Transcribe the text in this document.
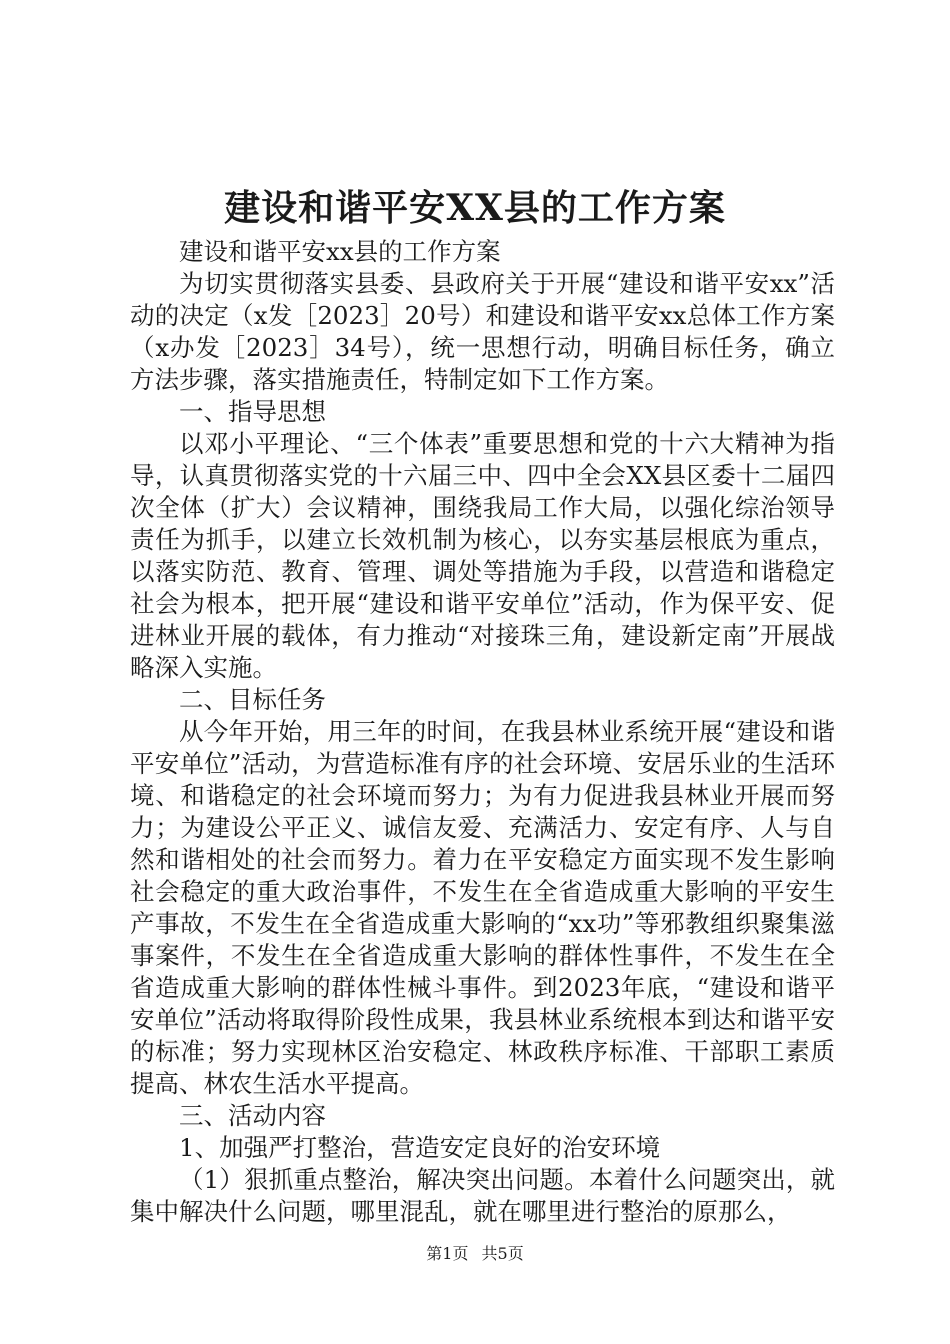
建设和谐平安XX县的工作方案

建设和谐平安xx县的工作方案

为切实贯彻落实县委、县政府关于开展“建设和谐平安xx”活动的决定（x发［2023］20号）和建设和谐平安xx总体工作方案（x办发［2023］34号），统一思想行动，明确目标任务，确立方法步骤，落实措施责任，特制定如下工作方案。

一、指导思想

以邓小平理论、“三个体表”重要思想和党的十六大精神为指导，认真贯彻落实党的十六届三中、四中全会XX县区委十二届四次全体（扩大）会议精神，围绕我局工作大局，以强化综治领导责任为抓手，以建立长效机制为核心，以夯实基层根底为重点，以落实防范、教育、管理、调处等措施为手段，以营造和谐稳定社会为根本，把开展“建设和谐平安单位”活动，作为保平安、促进林业开展的载体，有力推动“对接珠三角，建设新定南”开展战略深入实施。

二、目标任务

从今年开始，用三年的时间，在我县林业系统开展“建设和谐平安单位”活动，为营造标准有序的社会环境、安居乐业的生活环境、和谐稳定的社会环境而努力；为有力促进我县林业开展而努力；为建设公平正义、诚信友爱、充满活力、安定有序、人与自然和谐相处的社会而努力。着力在平安稳定方面实现不发生影响社会稳定的重大政治事件，不发生在全省造成重大影响的平安生产事故，不发生在全省造成重大影响的“xx功”等邪教组织聚集滋事案件，不发生在全省造成重大影响的群体性事件，不发生在全省造成重大影响的群体性械斗事件。到2023年底，“建设和谐平安单位”活动将取得阶段性成果，我县林业系统根本到达和谐平安的标准；努力实现林区治安稳定、林政秩序标准、干部职工素质提高、林农生活水平提高。

三、活动内容

1、加强严打整治，营造安定良好的治安环境

（1）狠抓重点整治，解决突出问题。本着什么问题突出，就集中解决什么问题，哪里混乱，就在哪里进行整治的原那么，

第1页 共5页
